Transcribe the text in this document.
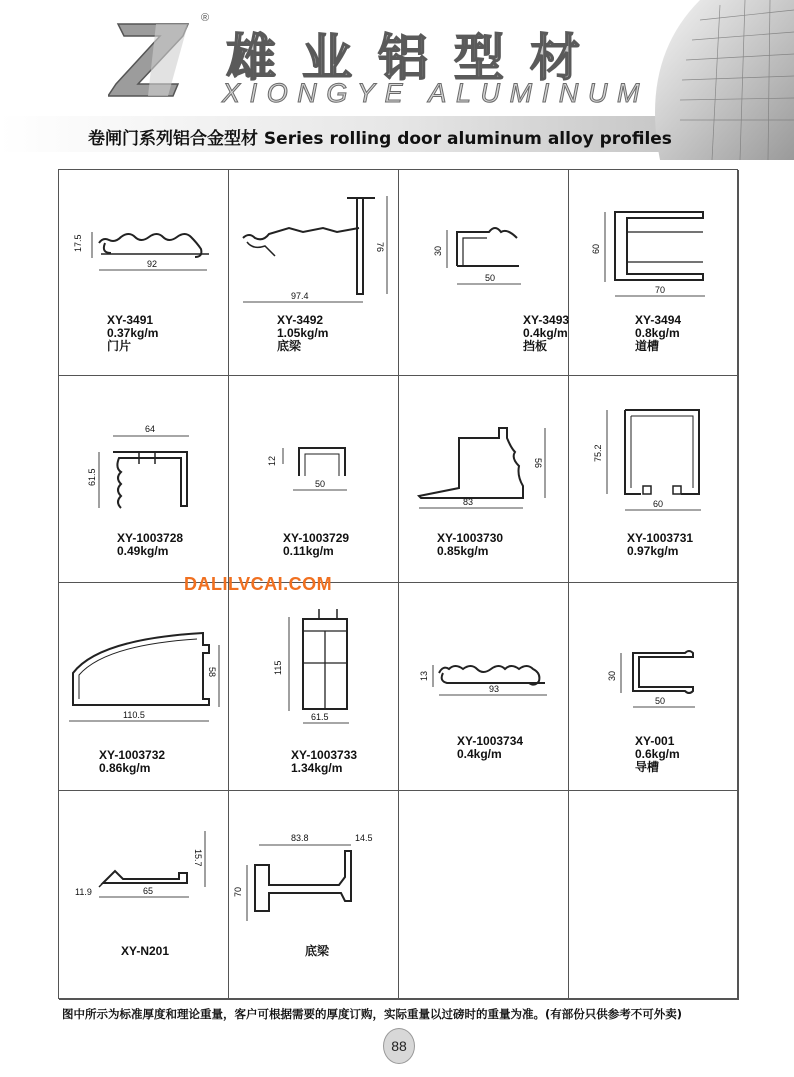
®
雄业铝型材
XIONGYE ALUMINUM
卷闸门系列铝合金型材 Series rolling door aluminum alloy profiles
17.5
92
XY-3491
0.37kg/m
门片
76
97.4
XY-3492
1.05kg/m
底梁
30
50
XY-3493
0.4kg/m
挡板
60
70
XY-3494
0.8kg/m
道槽
64
61.5
XY-1003728
0.49kg/m
12
50
XY-1003729
0.11kg/m
56
83
XY-1003730
0.85kg/m
75.2
60
XY-1003731
0.97kg/m
58
110.5
XY-1003732
0.86kg/m
115
61.5
XY-1003733
1.34kg/m
13
93
XY-1003734
0.4kg/m
30
50
XY-001
0.6kg/m
导槽
15.7
11.9	65
XY-N201
83.8	14.5
70
底梁
DALILVCAI.COM
图中所示为标准厚度和理论重量，客户可根据需要的厚度订购，实际重量以过磅时的重量为准。(有部份只供参考不可外卖)
88
